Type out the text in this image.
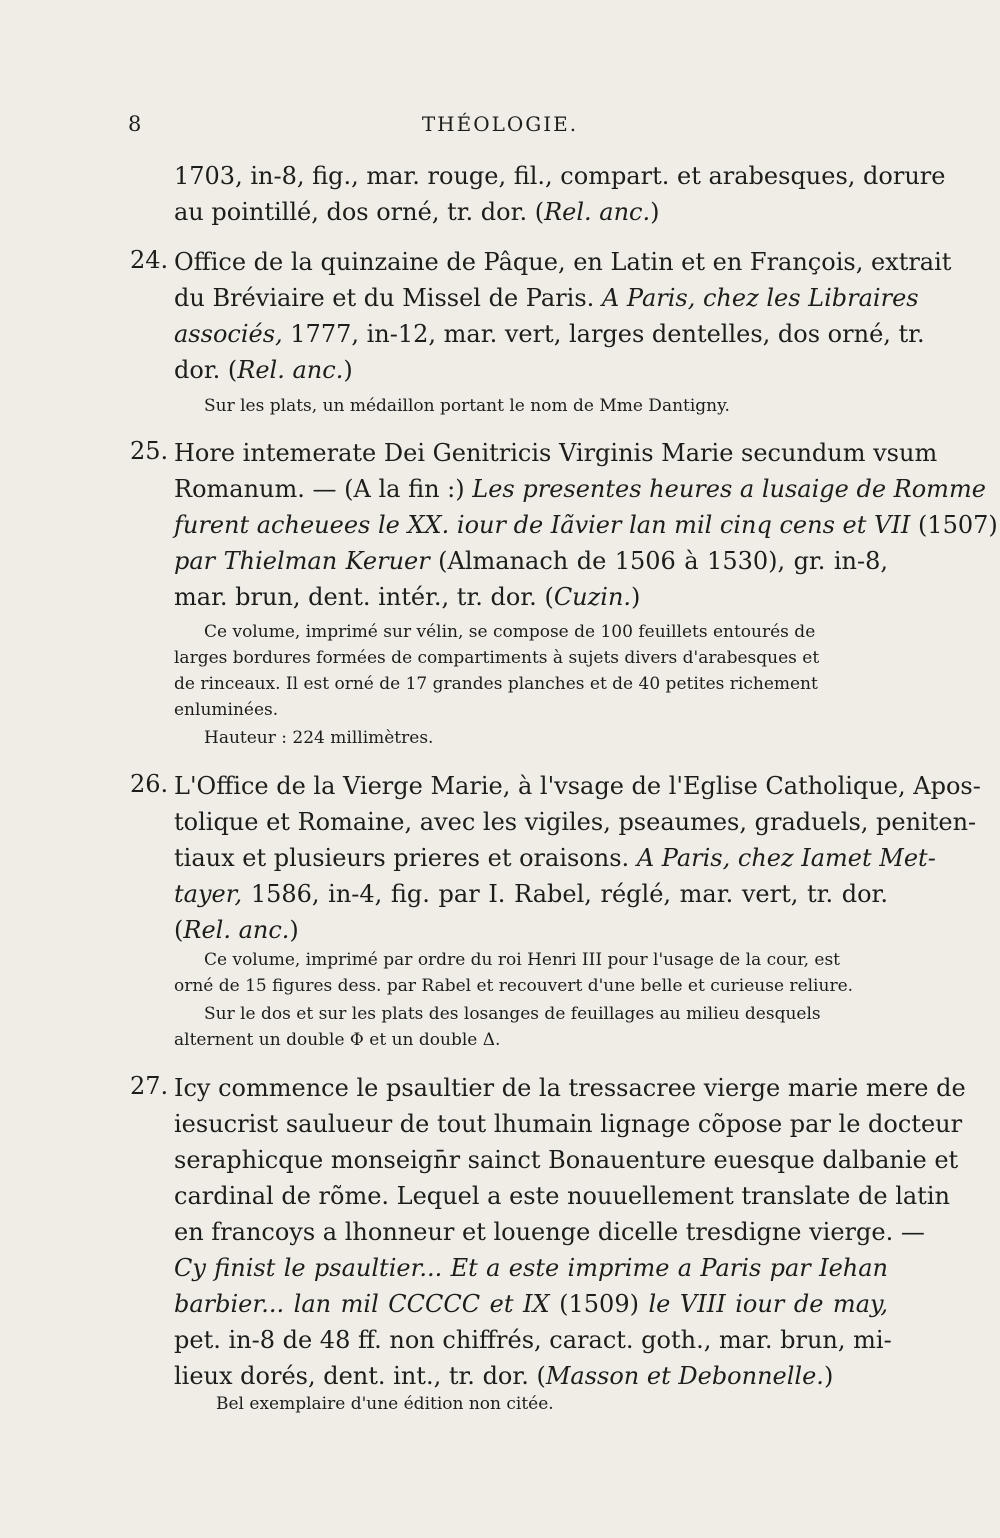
8	THÉOLOGIE.
1703, in-8, fig., mar. rouge, fil., compart. et arabesques, dorure
au pointillé, dos orné, tr. dor. (Rel. anc.)
24. Office de la quinzaine de Pâque, en Latin et en François, extrait
du Bréviaire et du Missel de Paris. A Paris, chez les Libraires
associés, 1777, in-12, mar. vert, larges dentelles, dos orné, tr.
dor. (Rel. anc.)
Sur les plats, un médaillon portant le nom de Mme Dantigny.
25. Hore intemerate Dei Genitricis Virginis Marie secundum vsum
Romanum. — (A la fin :) Les presentes heures a lusaige de Romme
furent acheuees le XX. iour de Iãvier lan mil cinq cens et VII (1507)
par Thielman Keruer (Almanach de 1506 à 1530), gr. in-8,
mar. brun, dent. intér., tr. dor. (Cuzin.)
Ce volume, imprimé sur vélin, se compose de 100 feuillets entourés de
larges bordures formées de compartiments à sujets divers d'arabesques et
de rinceaux. Il est orné de 17 grandes planches et de 40 petites richement
enluminées.
Hauteur : 224 millimètres.
26. L'Office de la Vierge Marie, à l'vsage de l'Eglise Catholique, Apos-
tolique et Romaine, avec les vigiles, pseaumes, graduels, peniten-
tiaux et plusieurs prieres et oraisons. A Paris, chez Iamet Met-
tayer, 1586, in-4, fig. par I. Rabel, réglé, mar. vert, tr. dor.
(Rel. anc.)
Ce volume, imprimé par ordre du roi Henri III pour l'usage de la cour, est
orné de 15 figures dess. par Rabel et recouvert d'une belle et curieuse reliure.
Sur le dos et sur les plats des losanges de feuillages au milieu desquels
alternent un double Φ et un double Δ.
27. Icy commence le psaultier de la tressacree vierge marie mere de
iesucrist saulueur de tout lhumain lignage cõpose par le docteur
seraphicque monseign̄r sainct Bonauenture euesque dalbanie et
cardinal de rõme. Lequel a este nouuellement translate de latin
en francoys a lhonneur et louenge dicelle tresdigne vierge. —
Cy finist le psaultier... Et a este imprime a Paris par Iehan
barbier... lan mil CCCCC et IX (1509) le VIII iour de may,
pet. in-8 de 48 ff. non chiffrés, caract. goth., mar. brun, mi-
lieux dorés, dent. int., tr. dor. (Masson et Debonnelle.)
Bel exemplaire d'une édition non citée.
